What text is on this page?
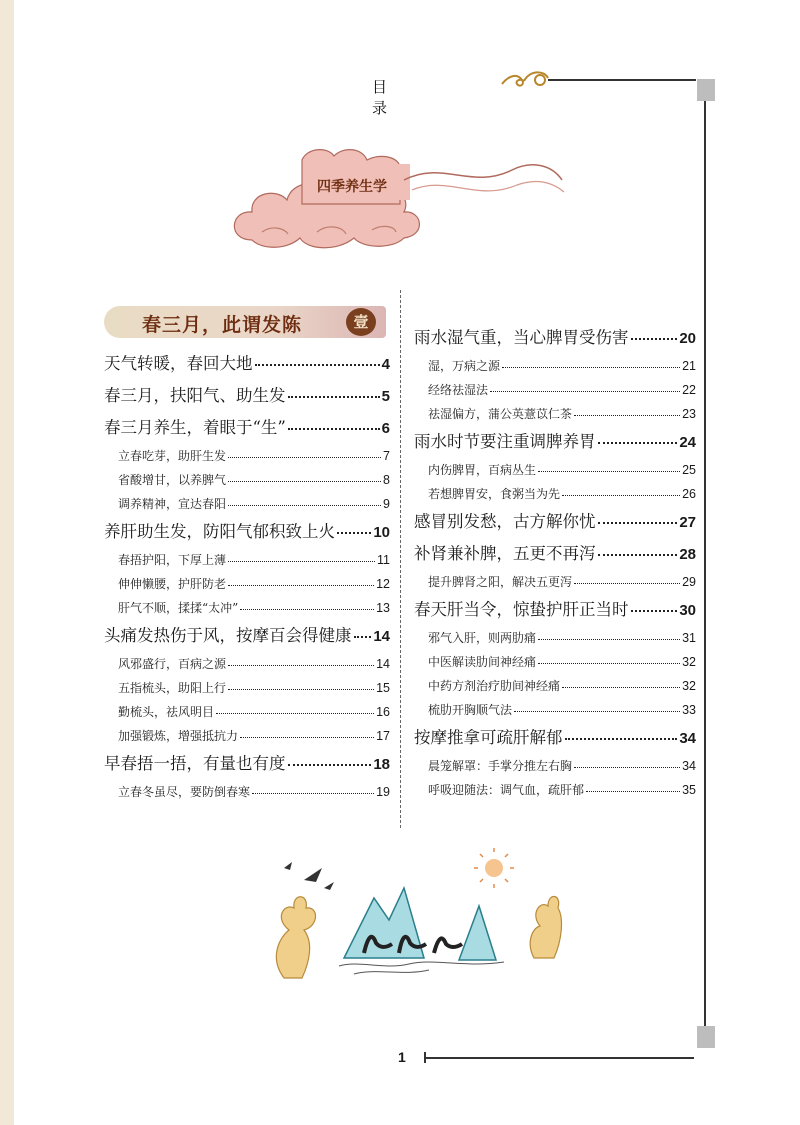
目 录
四季养生学
春三月，此谓发陈	壹
天气转暖，春回大地	4
春三月，扶阳气、助生发	5
春三月养生，着眼于“生”	6
立春吃芽，助肝生发	7
省酸增甘，以养脾气	8
调养精神，宣达春阳	9
养肝助生发，防阳气郁积致上火	10
春捂护阳，下厚上薄	11
伸伸懒腰，护肝防老	12
肝气不顺，揉揉“太冲”	13
头痛发热伤于风，按摩百会得健康 14
风邪盛行，百病之源	14
五指梳头，助阳上行	15
勤梳头，祛风明目	16
加强锻炼，增强抵抗力	17
早春捂一捂，有量也有度	18
立春冬虽尽，要防倒春寒	19
雨水湿气重，当心脾胃受伤害	20
湿，万病之源	21
经络祛湿法	22
祛湿偏方，蒲公英薏苡仁茶	23
雨水时节要注重调脾养胃	24
内伤脾胃，百病丛生	25
若想脾胃安，食粥当为先	26
感冒别发愁，古方解你忧	27
补肾兼补脾，五更不再泻	28
提升脾肾之阳，解决五更泻	29
春天肝当令，惊蛰护肝正当时	30
邪气入肝，则两肋痛	31
中医解读肋间神经痛	32
中药方剂治疗肋间神经痛	32
梳肋开胸顺气法	33
按摩推拿可疏肝解郁	34
晨笼解罩：手掌分推左右胸	34
呼吸迎随法：调气血，疏肝郁	35
1
